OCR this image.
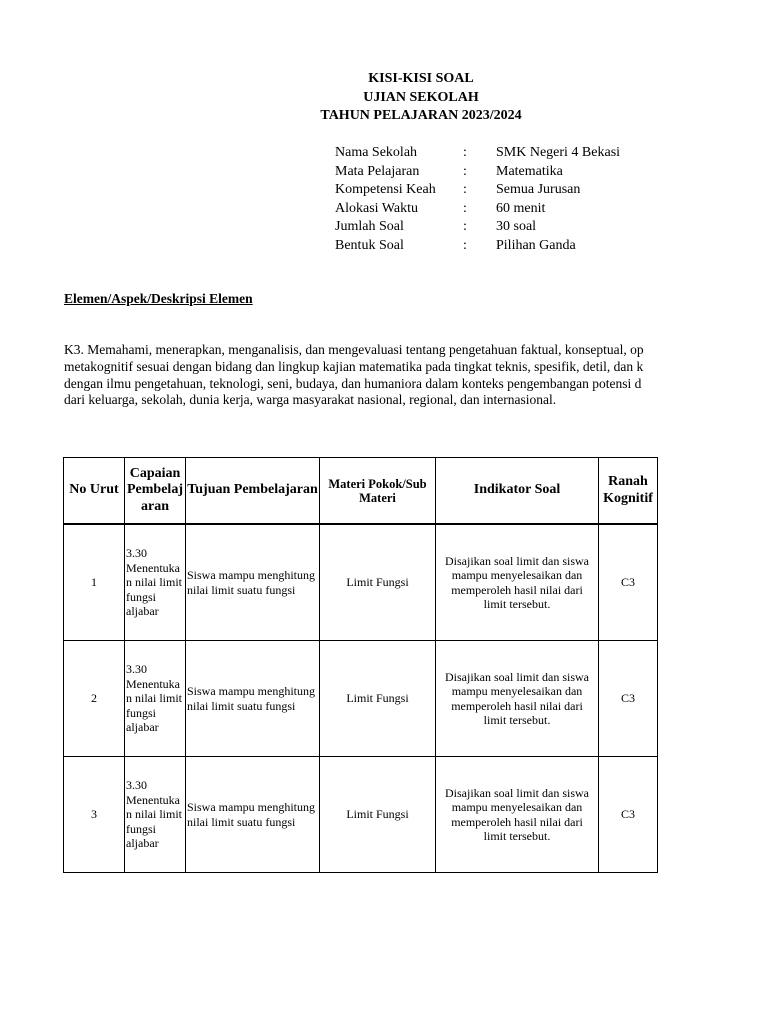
KISI-KISI SOAL
UJIAN SEKOLAH
TAHUN PELAJARAN 2023/2024
Nama Sekolah	:	SMK Negeri 4 Bekasi
Mata Pelajaran	:	Matematika
Kompetensi Keah	:	Semua Jurusan
Alokasi Waktu	:	60 menit
Jumlah Soal	:	30 soal
Bentuk Soal	:	Pilihan Ganda
Elemen/Aspek/Deskripsi Elemen
K3. Memahami, menerapkan, menganalisis, dan mengevaluasi tentang pengetahuan faktual, konseptual, op
metakognitif sesuai dengan bidang dan lingkup kajian matematika pada tingkat teknis, spesifik, detil, dan k
dengan ilmu pengetahuan, teknologi, seni, budaya, dan humaniora dalam konteks pengembangan potensi d
dari keluarga, sekolah, dunia kerja, warga masyarakat nasional, regional, dan internasional.
No Urut	Capaian Pembelaj aran	Tujuan Pembelajaran	Materi Pokok/Sub Materi	Indikator Soal	Ranah Kognitif
1	3.30 Menentuka n nilai limit fungsi aljabar	Siswa mampu menghitung nilai limit suatu fungsi	Limit Fungsi	Disajikan soal limit dan siswa mampu menyelesaikan dan memperoleh hasil nilai dari limit tersebut.	C3
2	3.30 Menentuka n nilai limit fungsi aljabar	Siswa mampu menghitung nilai limit suatu fungsi	Limit Fungsi	Disajikan soal limit dan siswa mampu menyelesaikan dan memperoleh hasil nilai dari limit tersebut.	C3
3	3.30 Menentuka n nilai limit fungsi aljabar	Siswa mampu menghitung nilai limit suatu fungsi	Limit Fungsi	Disajikan soal limit dan siswa mampu menyelesaikan dan memperoleh hasil nilai dari limit tersebut.	C3
